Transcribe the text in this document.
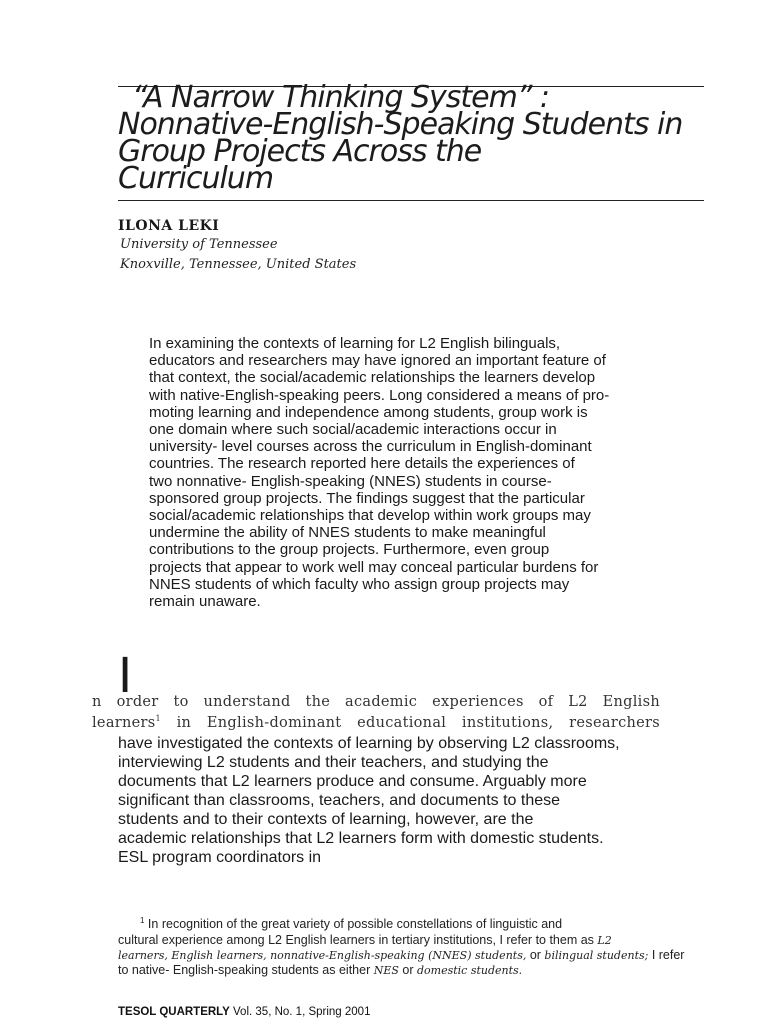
“A Narrow Thinking System” :
Nonnative-English-Speaking Students in
Group Projects Across the
Curriculum
ILONA LEKI
University of Tennessee
Knoxville, Tennessee, United States
In examining the contexts of learning for L2 English bilinguals,
educators and researchers may have ignored an important feature of
that context, the social/academic relationships the learners develop
with native-English-speaking peers. Long considered a means of pro-
moting learning and independence among students, group work is
one domain where such social/academic interactions occur in
university- level courses across the curriculum in English-dominant
countries. The research reported here details the experiences of
two nonnative- English-speaking (NNES) students in course-
sponsored group projects. The findings suggest that the particular
social/academic relationships that develop within work groups may
undermine the ability of NNES students to make meaningful
contributions to the group projects. Furthermore, even group
projects that appear to work well may conceal particular burdens for
NNES students of which faculty who assign group projects may
remain unaware.
I
n order to understand the academic experiences of L2 English
learners$^1$ in English-dominant educational institutions, researchers
have investigated the contexts of learning by observing L2 classrooms,
interviewing L2 students and their teachers, and studying the
documents that L2 learners produce and consume. Arguably more
significant than classrooms, teachers, and documents to these
students and to their contexts of learning, however, are the
academic relationships that L2 learners form with domestic students.
ESL program coordinators in
$^1$ In recognition of the great variety of possible constellations of linguistic and
cultural experience among L2 English learners in tertiary institutions, I refer to them as L2
learners, English learners, nonnative-English-speaking (NNES) students, or bilingual students; I refer
to native- English-speaking students as either NES or domestic students.
TESOL QUARTERLY Vol. 35, No. 1, Spring 2001
